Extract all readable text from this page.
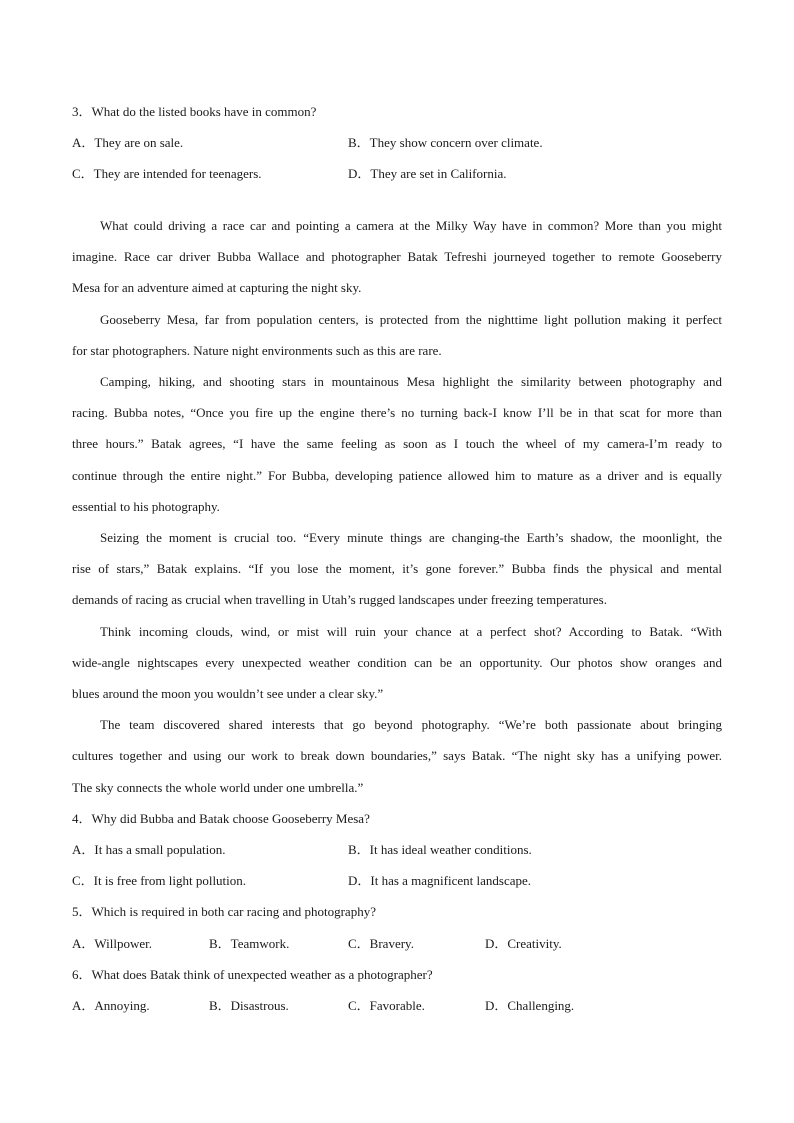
3．What do the listed books have in common?
A．They are on sale.	B．They show concern over climate.
C．They are intended for teenagers.	D．They are set in California.
What could driving a race car and pointing a camera at the Milky Way have in common? More than you might
imagine. Race car driver Bubba Wallace and photographer Batak Tefreshi journeyed together to remote Gooseberry
Mesa for an adventure aimed at capturing the night sky.
Gooseberry Mesa, far from population centers, is protected from the nighttime light pollution making it perfect
for star photographers. Nature night environments such as this are rare.
Camping, hiking, and shooting stars in mountainous Mesa highlight the similarity between photography and
racing. Bubba notes, “Once you fire up the engine there’s no turning back-I know I’ll be in that scat for more than
three hours.” Batak agrees, “I have the same feeling as soon as I touch the wheel of my camera-I’m ready to
continue through the entire night.” For Bubba, developing patience allowed him to mature as a driver and is equally
essential to his photography.
Seizing the moment is crucial too. “Every minute things are changing-the Earth’s shadow, the moonlight, the
rise of stars,” Batak explains. “If you lose the moment, it’s gone forever.” Bubba finds the physical and mental
demands of racing as crucial when travelling in Utah’s rugged landscapes under freezing temperatures.
Think incoming clouds, wind, or mist will ruin your chance at a perfect shot? According to Batak. “With
wide-angle nightscapes every unexpected weather condition can be an opportunity. Our photos show oranges and
blues around the moon you wouldn’t see under a clear sky.”
The team discovered shared interests that go beyond photography. “We’re both passionate about bringing
cultures together and using our work to break down boundaries,” says Batak. “The night sky has a unifying power.
The sky connects the whole world under one umbrella.”
4．Why did Bubba and Batak choose Gooseberry Mesa?
A．It has a small population.	B．It has ideal weather conditions.
C．It is free from light pollution.	D．It has a magnificent landscape.
5．Which is required in both car racing and photography?
A．Willpower.	B．Teamwork.	C．Bravery.	D．Creativity.
6．What does Batak think of unexpected weather as a photographer?
A．Annoying.	B．Disastrous.	C．Favorable.	D．Challenging.
